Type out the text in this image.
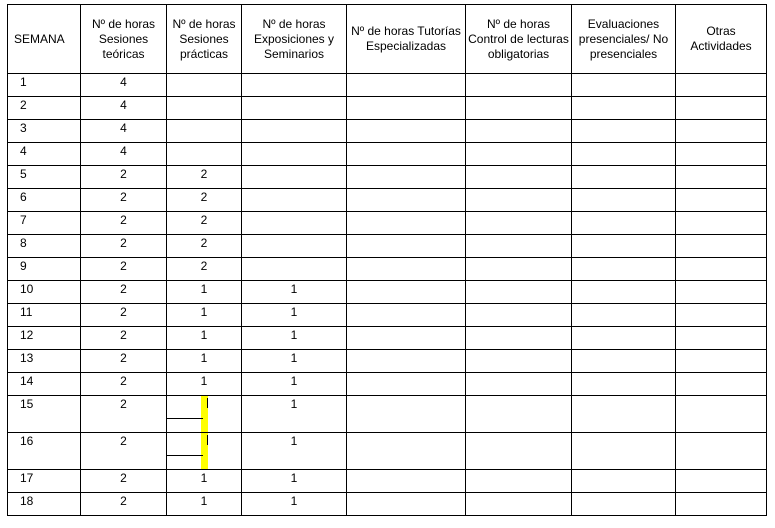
SEMANA	Nº de horas Sesiones teóricas	Nº de horas Sesiones prácticas	Nº de horas Exposiciones y Seminarios	Nº de horas Tutorías Especializadas	Nº de horas Control de lecturas obligatorias	Evaluaciones presenciales/ No presenciales	Otras Actividades
1	4						
2	4						
3	4						
4	4						
5	2	2					
6	2	2					
7	2	2					
8	2	2					
9	2	2					
10	2	1	1				
11	2	1	1				
12	2	1	1				
13	2	1	1				
14	2	1	1				
15	2		1				
16	2		1				
17	2	1	1				
18	2	1	1				
